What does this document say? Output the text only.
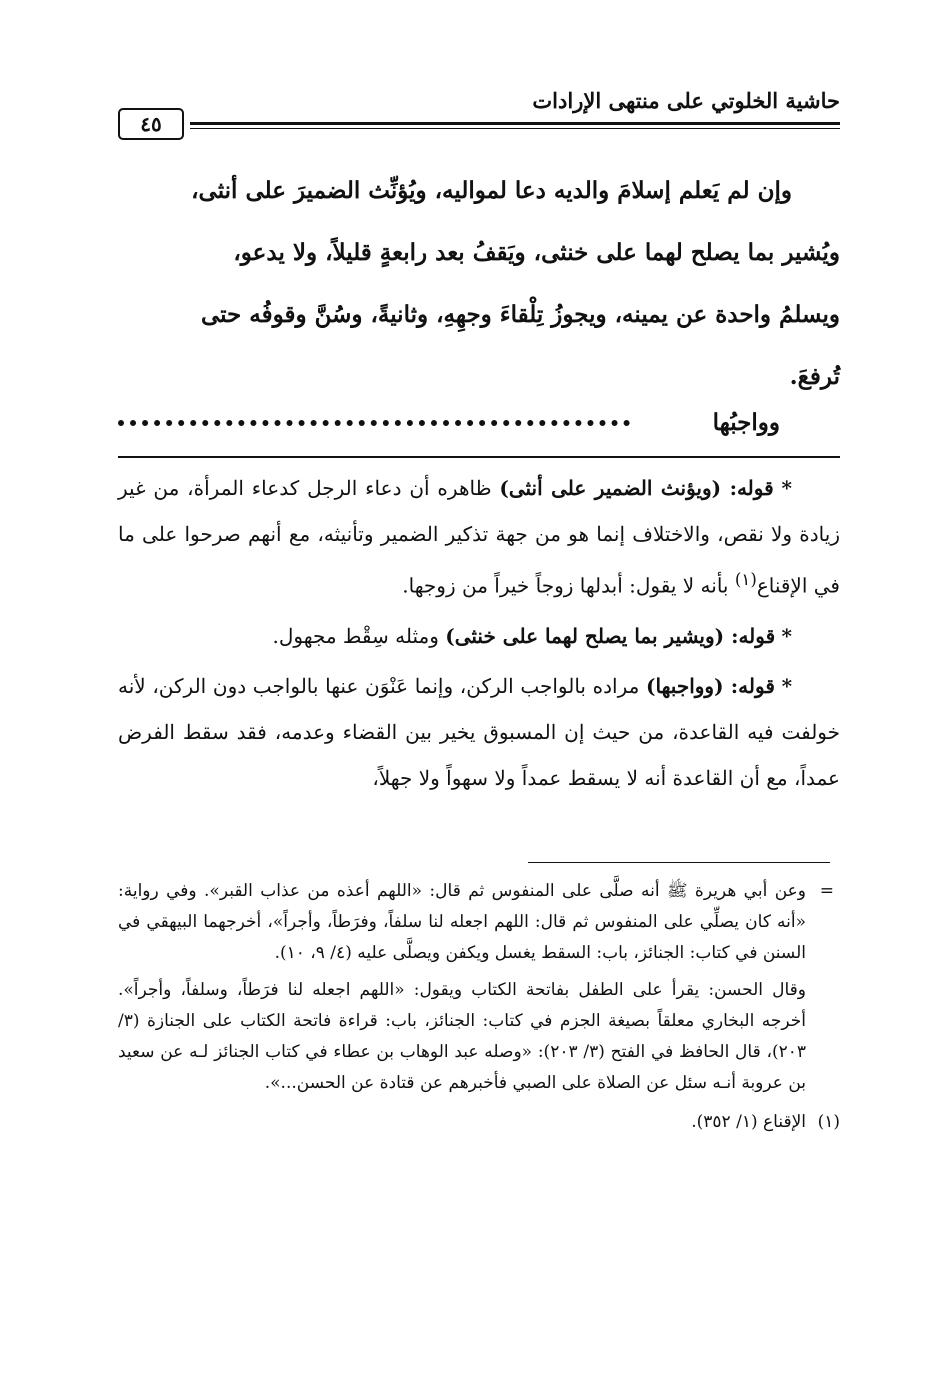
حاشية الخلوتي على منتهى الإرادات
٤٥

وإن لم يَعلم إسلامَ والديه دعا لمواليه، ويُؤنِّث الضميرَ على أنثى،

ويُشير بما يصلح لهما على خنثى، ويَقفُ بعد رابعةٍ قليلاً، ولا يدعو،

ويسلمُ واحدة عن يمينه، ويجوزُ تِلْقاءَ وجهِهِ، وثانيةً، وسُنَّ وقوفُه حتى

تُرفعَ.

وواجبُها

* قوله: (ويؤنث الضمير على أنثى) ظاهره أن دعاء الرجل كدعاء المرأة، من غير زيادة ولا نقص، والاختلاف إنما هو من جهة تذكير الضمير وتأنيثه، مع أنهم صرحوا على ما في الإقناع$^{(١)}$ بأنه لا يقول: أبدلها زوجاً خيراً من زوجها.

* قوله: (ويشير بما يصلح لهما على خنثى) ومثله سِقْط مجهول.

* قوله: (وواجبها) مراده بالواجب الركن، وإنما عَنْوَن عنها بالواجب دون الركن، لأنه خولفت فيه القاعدة، من حيث إن المسبوق يخير بين القضاء وعدمه، فقد سقط الفرض عمداً، مع أن القاعدة أنه لا يسقط عمداً ولا سهواً ولا جهلاً،

=
وعن أبي هريرة ﷺ أنه صلَّى على المنفوس ثم قال: «اللهم أعذه من عذاب القبر». وفي رواية: «أنه كان يصلِّي على المنفوس ثم قال: اللهم اجعله لنا سلفاً، وفرَطاً، وأجراً»، أخرجهما البيهقي في السنن في كتاب: الجنائز، باب: السقط يغسل ويكفن ويصلَّى عليه (٤/ ٩، ١٠).

وقال الحسن: يقرأ على الطفل بفاتحة الكتاب ويقول: «اللهم اجعله لنا فرَطاً، وسلفاً، وأجراً». أخرجه البخاري معلقاً بصيغة الجزم في كتاب: الجنائز، باب: قراءة فاتحة الكتاب على الجنازة (٣/ ٢٠٣)، قال الحافظ في الفتح (٣/ ٢٠٣): «وصله عبد الوهاب بن عطاء في كتاب الجنائز لـه عن سعيد بن عروبة أنـه سئل عن الصلاة على الصبي فأخبرهم عن قتادة عن الحسن...».

(١)
الإقناع (١/ ٣٥٢).
